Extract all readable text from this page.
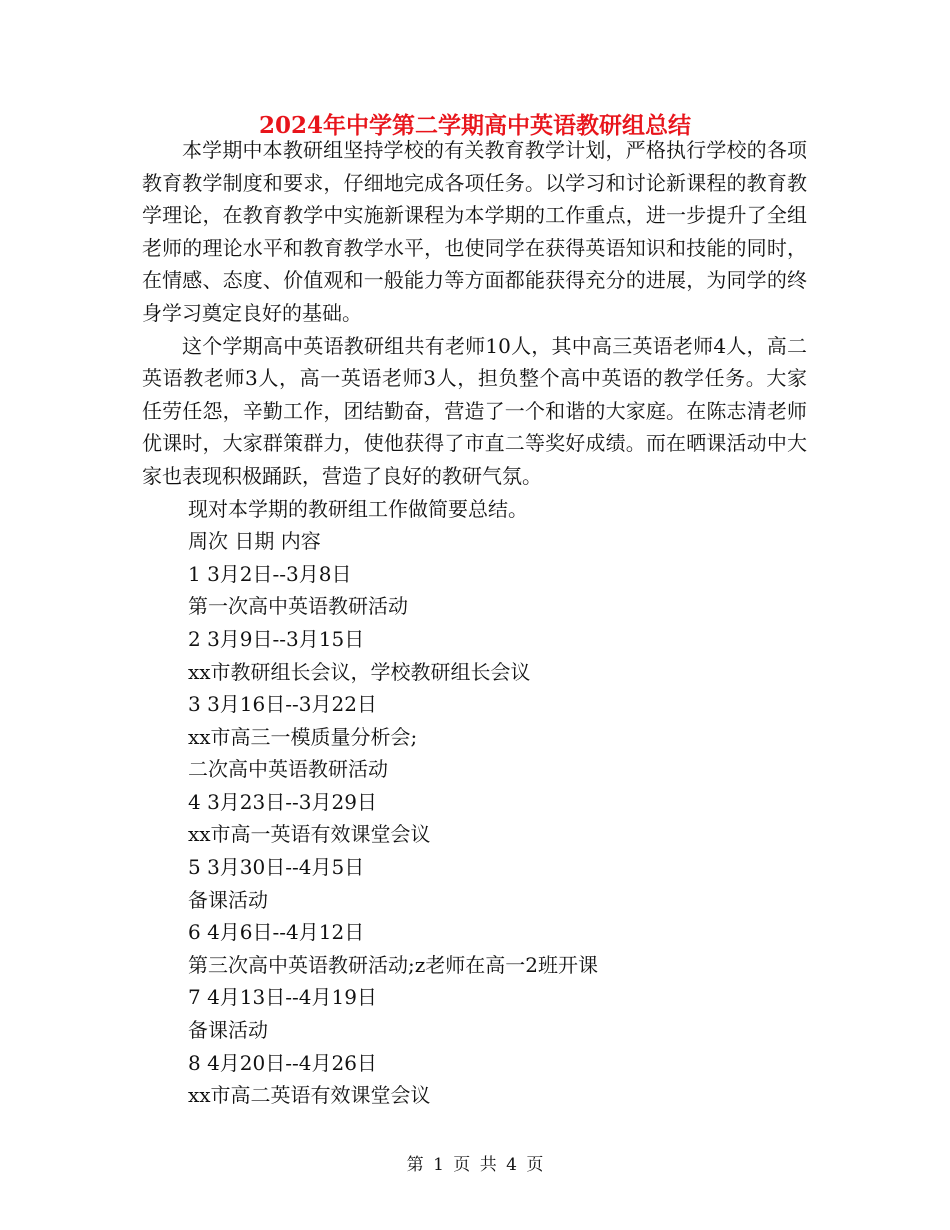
2024年中学第二学期高中英语教研组总结

本学期中本教研组坚持学校的有关教育教学计划，严格执行学校的各项教育教学制度和要求，仔细地完成各项任务。以学习和讨论新课程的教育教学理论，在教育教学中实施新课程为本学期的工作重点，进一步提升了全组老师的理论水平和教育教学水平，也使同学在获得英语知识和技能的同时，在情感、态度、价值观和一般能力等方面都能获得充分的进展，为同学的终身学习奠定良好的基础。

这个学期高中英语教研组共有老师10人，其中高三英语老师4人，高二英语教老师3人，高一英语老师3人，担负整个高中英语的教学任务。大家任劳任怨，辛勤工作，团结勤奋，营造了一个和谐的大家庭。在陈志清老师优课时，大家群策群力，使他获得了市直二等奖好成绩。而在晒课活动中大家也表现积极踊跃，营造了良好的教研气氛。

现对本学期的教研组工作做简要总结。

周次 日期 内容

1 3月2日--3月8日

第一次高中英语教研活动

2 3月9日--3月15日

xx市教研组长会议，学校教研组长会议

3 3月16日--3月22日

xx市高三一模质量分析会;

二次高中英语教研活动

4 3月23日--3月29日

xx市高一英语有效课堂会议

5 3月30日--4月5日

备课活动

6 4月6日--4月12日

第三次高中英语教研活动;z老师在高一2班开课

7 4月13日--4月19日

备课活动

8 4月20日--4月26日

xx市高二英语有效课堂会议

第 1 页 共 4 页
